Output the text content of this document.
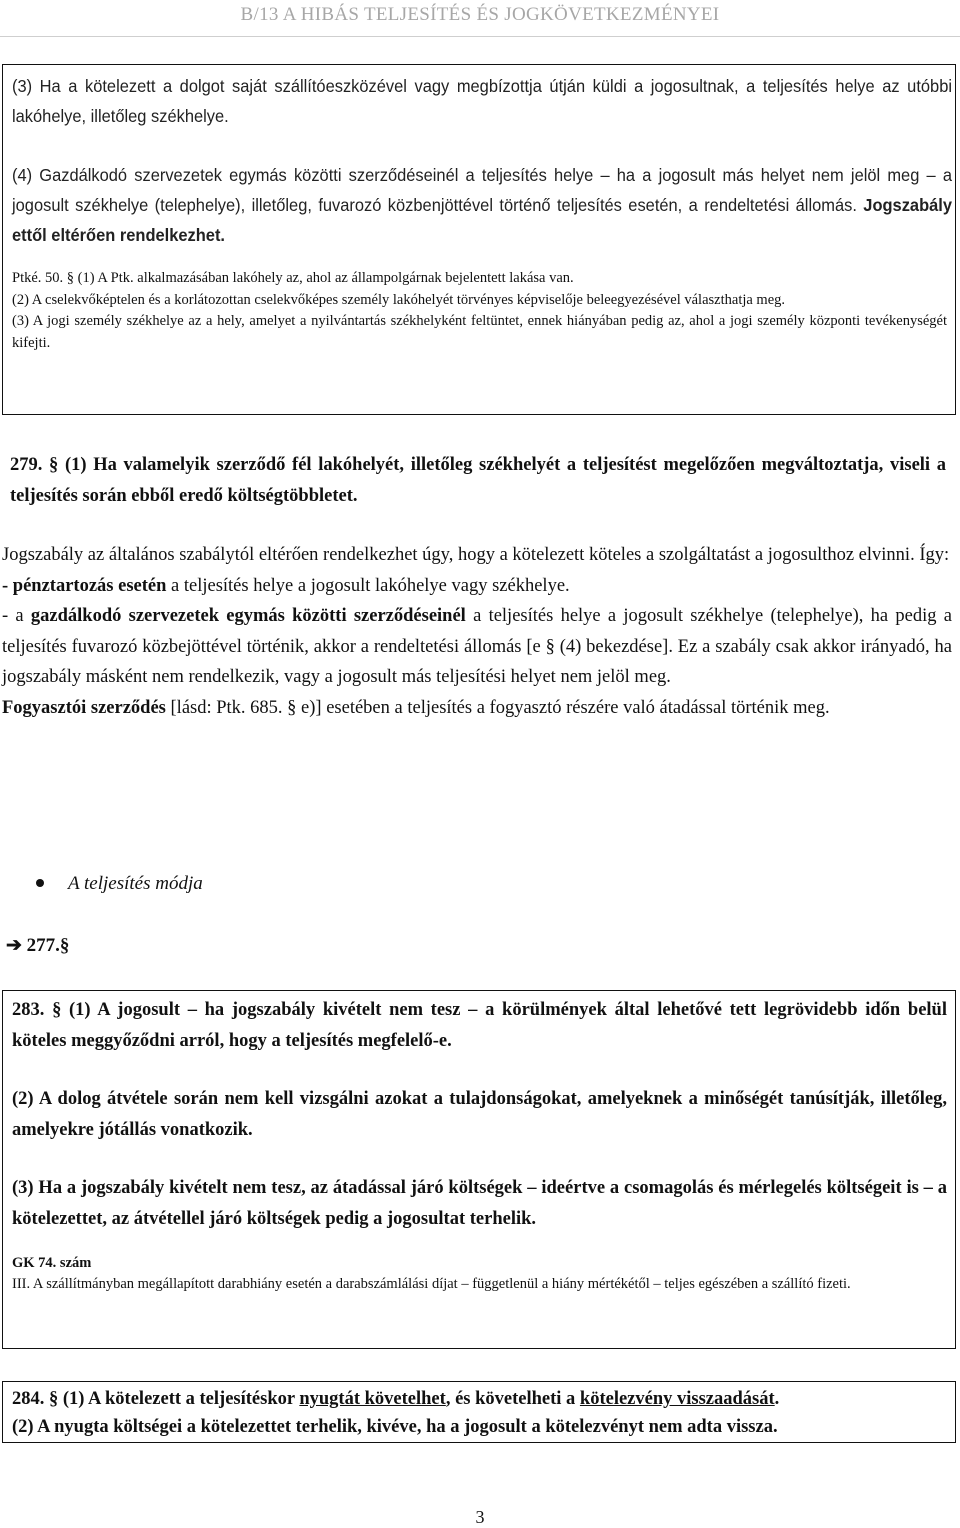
B/13 A HIBÁS TELJESÍTÉS ÉS JOGKÖVETKEZMÉNYEI

(3) Ha a kötelezett a dolgot saját szállítóeszközével vagy megbízottja útján küldi a jogosultnak, a teljesítés helye az utóbbi lakóhelye, illetőleg székhelye.

(4) Gazdálkodó szervezetek egymás közötti szerződéseinél a teljesítés helye – ha a jogosult más helyet nem jelöl meg – a jogosult székhelye (telephelye), illetőleg, fuvarozó közbenjöttével történő teljesítés esetén, a rendeltetési állomás. Jogszabály ettől eltérően rendelkezhet.

Ptké. 50. § (1) A Ptk. alkalmazásában lakóhely az, ahol az állampolgárnak bejelentett lakása van.

(2) A cselekvőképtelen és a korlátozottan cselekvőképes személy lakóhelyét törvényes képviselője beleegyezésével választhatja meg.

(3) A jogi személy székhelye az a hely, amelyet a nyilvántartás székhelyként feltüntet, ennek hiányában pedig az, ahol a jogi személy központi tevékenységét kifejti.

279. § (1) Ha valamelyik szerződő fél lakóhelyét, illetőleg székhelyét a teljesítést megelőzően megváltoztatja, viseli a teljesítés során ebből eredő költségtöbbletet.

Jogszabály az általános szabálytól eltérően rendelkezhet úgy, hogy a kötelezett köteles a szolgáltatást a jogosulthoz elvinni. Így:

- pénztartozás esetén a teljesítés helye a jogosult lakóhelye vagy székhelye.

- a gazdálkodó szervezetek egymás közötti szerződéseinél a teljesítés helye a jogosult székhelye (telephelye), ha pedig a teljesítés fuvarozó közbejöttével történik, akkor a rendeltetési állomás [e § (4) bekezdése]. Ez a szabály csak akkor irányadó, ha jogszabály másként nem rendelkezik, vagy a jogosult más teljesítési helyet nem jelöl meg.

Fogyasztói szerződés [lásd: Ptk. 685. § e)] esetében a teljesítés a fogyasztó részére való átadással történik meg.

A teljesítés módja
➔ 277.§

283. § (1) A jogosult – ha jogszabály kivételt nem tesz – a körülmények által lehetővé tett legrövidebb időn belül köteles meggyőződni arról, hogy a teljesítés megfelelő-e.

(2) A dolog átvétele során nem kell vizsgálni azokat a tulajdonságokat, amelyeknek a minőségét tanúsítják, illetőleg, amelyekre jótállás vonatkozik.

(3) Ha a jogszabály kivételt nem tesz, az átadással járó költségek – ideértve a csomagolás és mérlegelés költségeit is – a kötelezettet, az átvétellel járó költségek pedig a jogosultat terhelik.

GK 74. szám

III. A szállítmányban megállapított darabhiány esetén a darabszámlálási díjat – függetlenül a hiány mértékétől – teljes egészében a szállító fizeti.

284. § (1) A kötelezett a teljesítéskor nyugtát követelhet, és követelheti a kötelezvény visszaadását.

(2) A nyugta költségei a kötelezettet terhelik, kivéve, ha a jogosult a kötelezvényt nem adta vissza.

3
